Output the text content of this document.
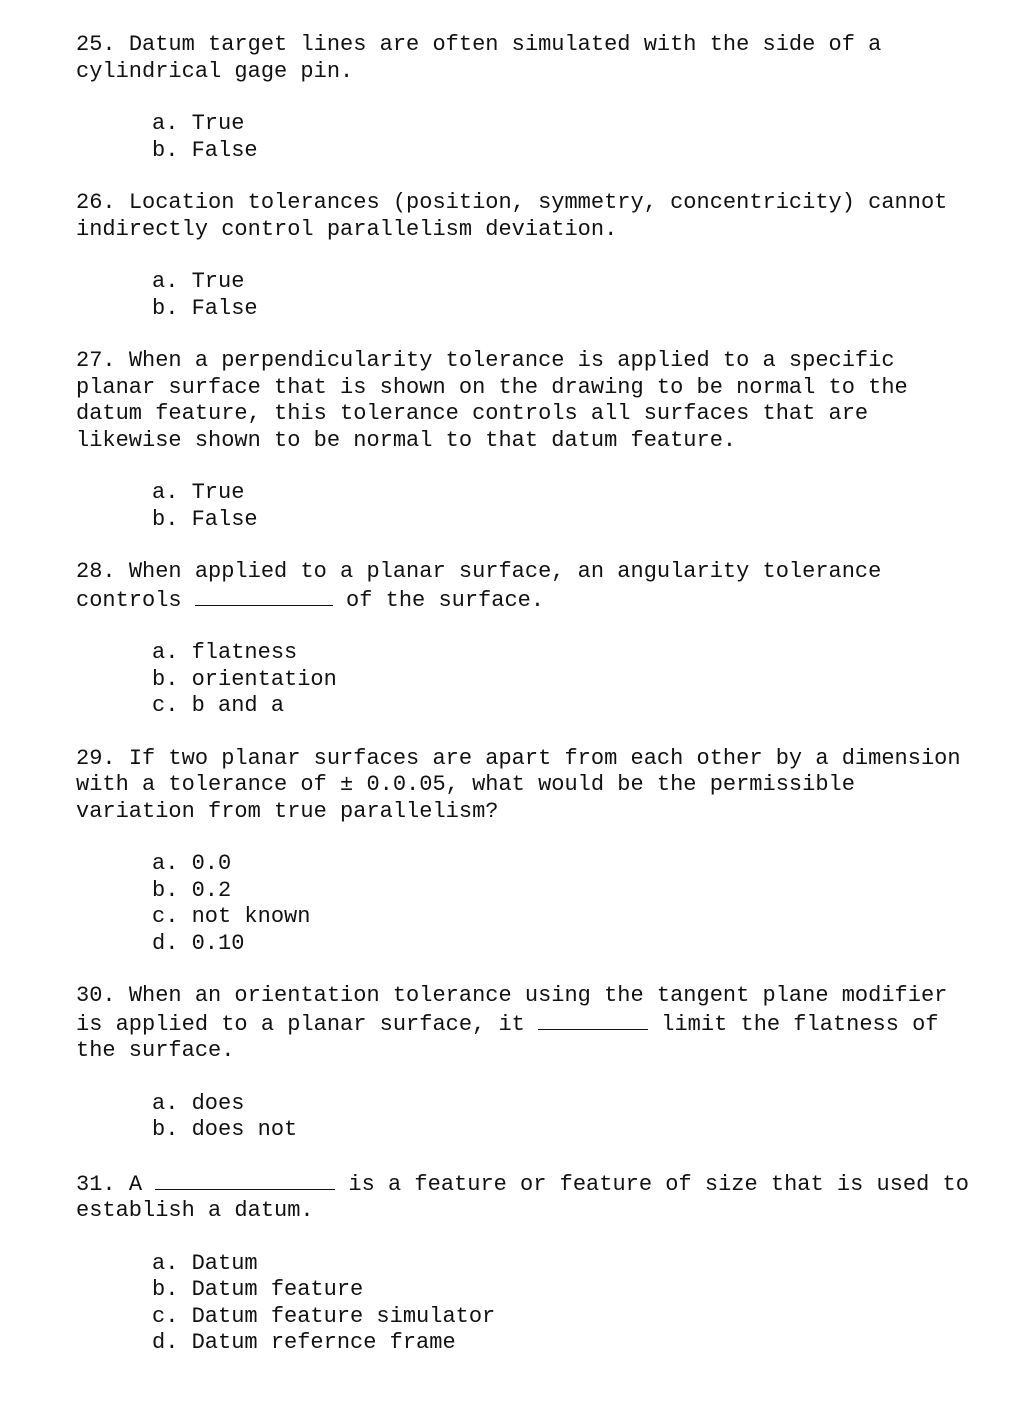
25. Datum target lines are often simulated with the side of a cylindrical gage pin.

a. True
b. False

26. Location tolerances (position, symmetry, concentricity) cannot indirectly control parallelism deviation.

a. True
b. False

27. When a perpendicularity tolerance is applied to a specific planar surface that is shown on the drawing to be normal to the datum feature, this tolerance controls all surfaces that are likewise shown to be normal to that datum feature.

a. True
b. False

28. When applied to a planar surface, an angularity tolerance controls	of the surface.

a. flatness
b. orientation
c. b and a

29. If two planar surfaces are apart from each other by a dimension with a tolerance of ± 0.0.05, what would be the permissible variation from true parallelism?

a. 0.0
b. 0.2
c. not known
d. 0.10

30. When an orientation tolerance using the tangent plane modifier is applied to a planar surface, it	limit the flatness of the surface.

a. does
b. does not

31. A	is a feature or feature of size that is used to establish a datum.

a. Datum
b. Datum feature
c. Datum feature simulator
d. Datum refernce frame
